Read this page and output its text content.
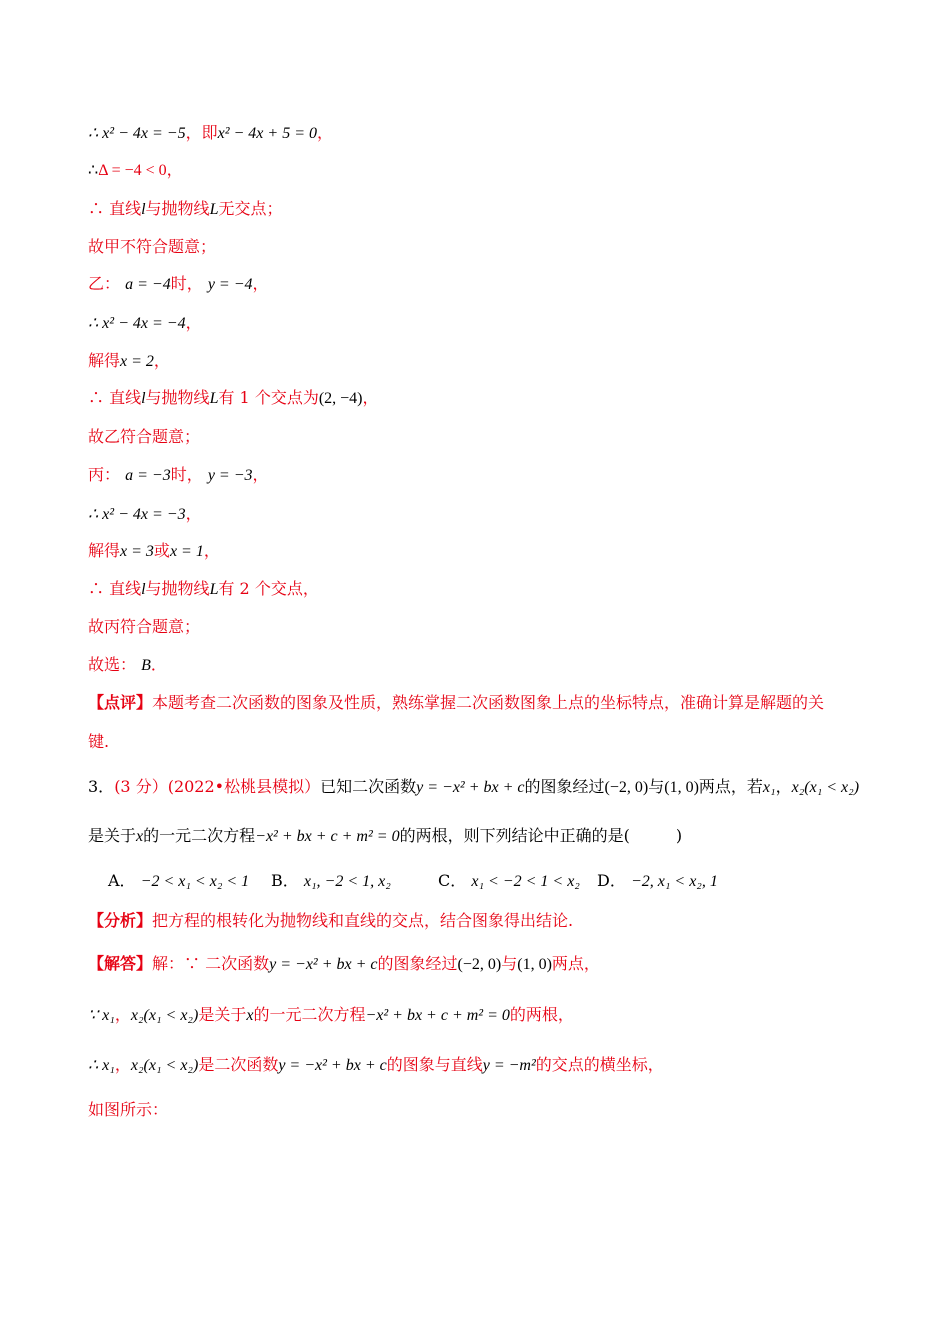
∴ x² − 4x = −5，即x² − 4x + 5 = 0，
∴Δ = −4 < 0，
∴ 直线l与抛物线L无交点；
故甲不符合题意；
乙： a = −4时， y = −4，
∴ x² − 4x = −4，
解得x = 2，
∴ 直线l与抛物线L有 1 个交点为(2, −4)，
故乙符合题意；
丙： a = −3时， y = −3，
∴ x² − 4x = −3，
解得x = 3或x = 1，
∴ 直线l与抛物线L有 2 个交点，
故丙符合题意；
故选： B．
【点评】本题考查二次函数的图象及性质，熟练掌握二次函数图象上点的坐标特点，准确计算是解题的关
键.
3．(3 分）(2022•松桃县模拟）已知二次函数y = −x² + bx + c的图象经过(−2, 0)与(1, 0)两点，若x₁，x₂(x₁ < x₂)
是关于x的一元二次方程−x² + bx + c + m² = 0的两根，则下列结论中正确的是(	)
A． −2 < x₁ < x₂ < 1 B． x₁, −2 < 1, x₂	C． x₁ < −2 < 1 < x₂ D． −2, x₁ < x₂, 1
【分析】把方程的根转化为抛物线和直线的交点，结合图象得出结论.
【解答】解：∵ 二次函数y = −x² + bx + c的图象经过(−2, 0)与(1, 0)两点，
∵ x₁，x₂(x₁ < x₂)是关于x的一元二次方程−x² + bx + c + m² = 0的两根，
∴ x₁，x₂(x₁ < x₂)是二次函数y = −x² + bx + c的图象与直线y = −m²的交点的横坐标，
如图所示：
